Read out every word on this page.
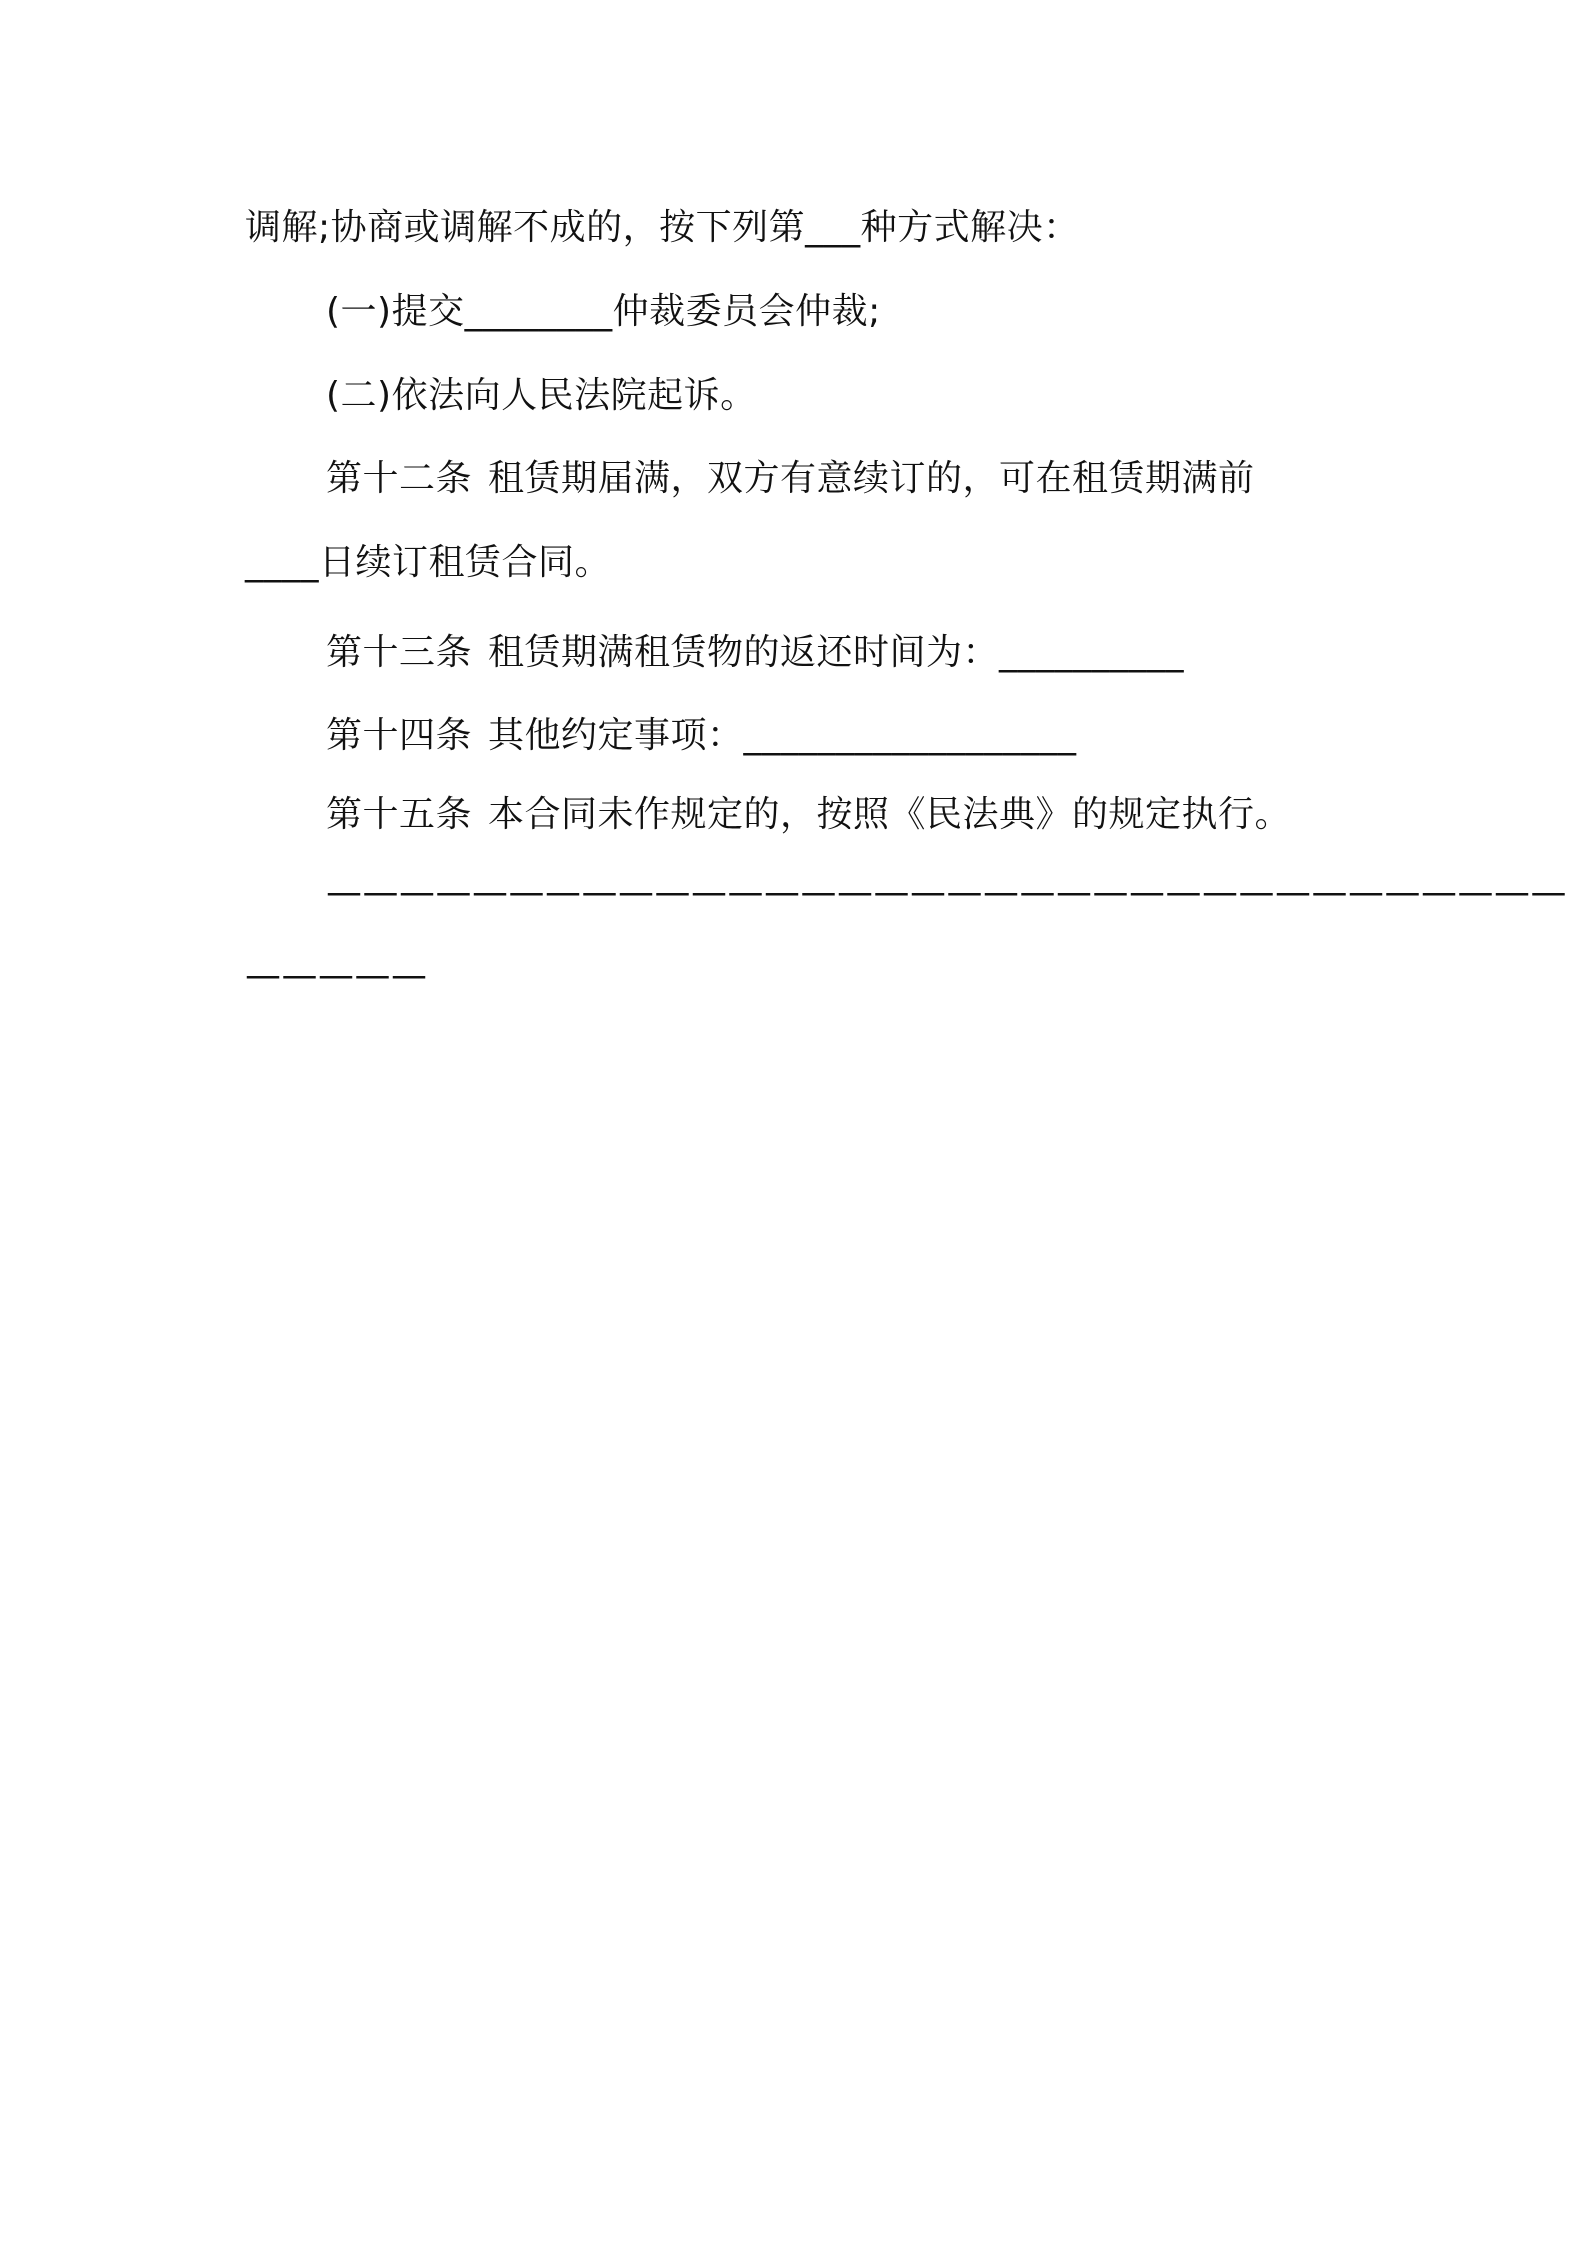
调解;协商或调解不成的，按下列第___种方式解决：

(一)提交________仲裁委员会仲裁;

(二)依法向人民法院起诉。

第十二条 租赁期届满，双方有意续订的，可在租赁期满前

____日续订租赁合同。

第十三条 租赁期满租赁物的返还时间为：__________

第十四条 其他约定事项：__________________

第十五条 本合同未作规定的，按照《民法典》的规定执行。

——————————————————————————————————

—————
